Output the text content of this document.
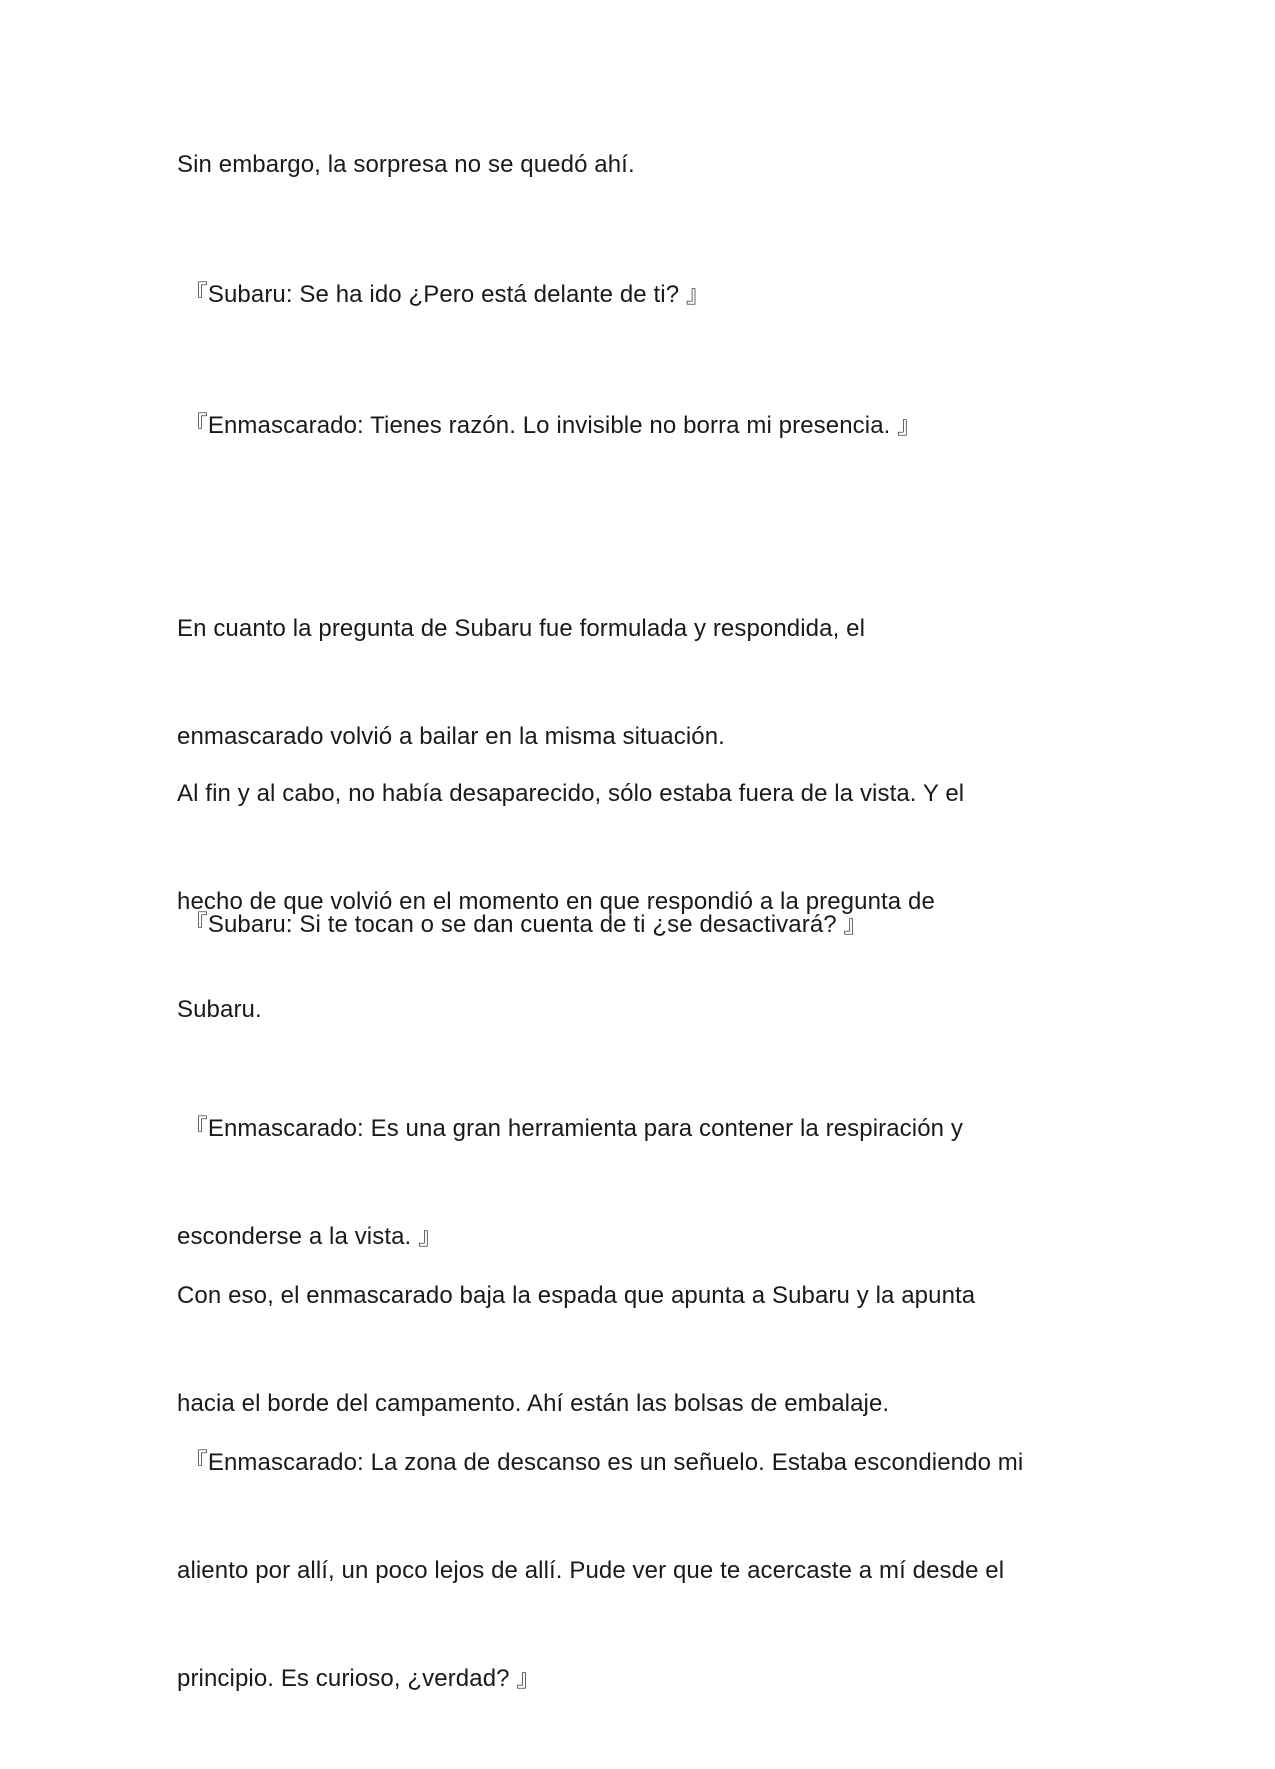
Sin embargo, la sorpresa no se quedó ahí.

『Subaru: Se ha ido ¿Pero está delante de ti? 』

『Enmascarado: Tienes razón. Lo invisible no borra mi presencia. 』

En cuanto la pregunta de Subaru fue formulada y respondida, el

enmascarado volvió a bailar en la misma situación.

Al fin y al cabo, no había desaparecido, sólo estaba fuera de la vista. Y el

hecho de que volvió en el momento en que respondió a la pregunta de

Subaru.

『Subaru: Si te tocan o se dan cuenta de ti ¿se desactivará? 』

『Enmascarado: Es una gran herramienta para contener la respiración y

esconderse a la vista. 』

Con eso, el enmascarado baja la espada que apunta a Subaru y la apunta

hacia el borde del campamento. Ahí están las bolsas de embalaje.

『Enmascarado: La zona de descanso es un señuelo. Estaba escondiendo mi

aliento por allí, un poco lejos de allí. Pude ver que te acercaste a mí desde el

principio. Es curioso, ¿verdad? 』
